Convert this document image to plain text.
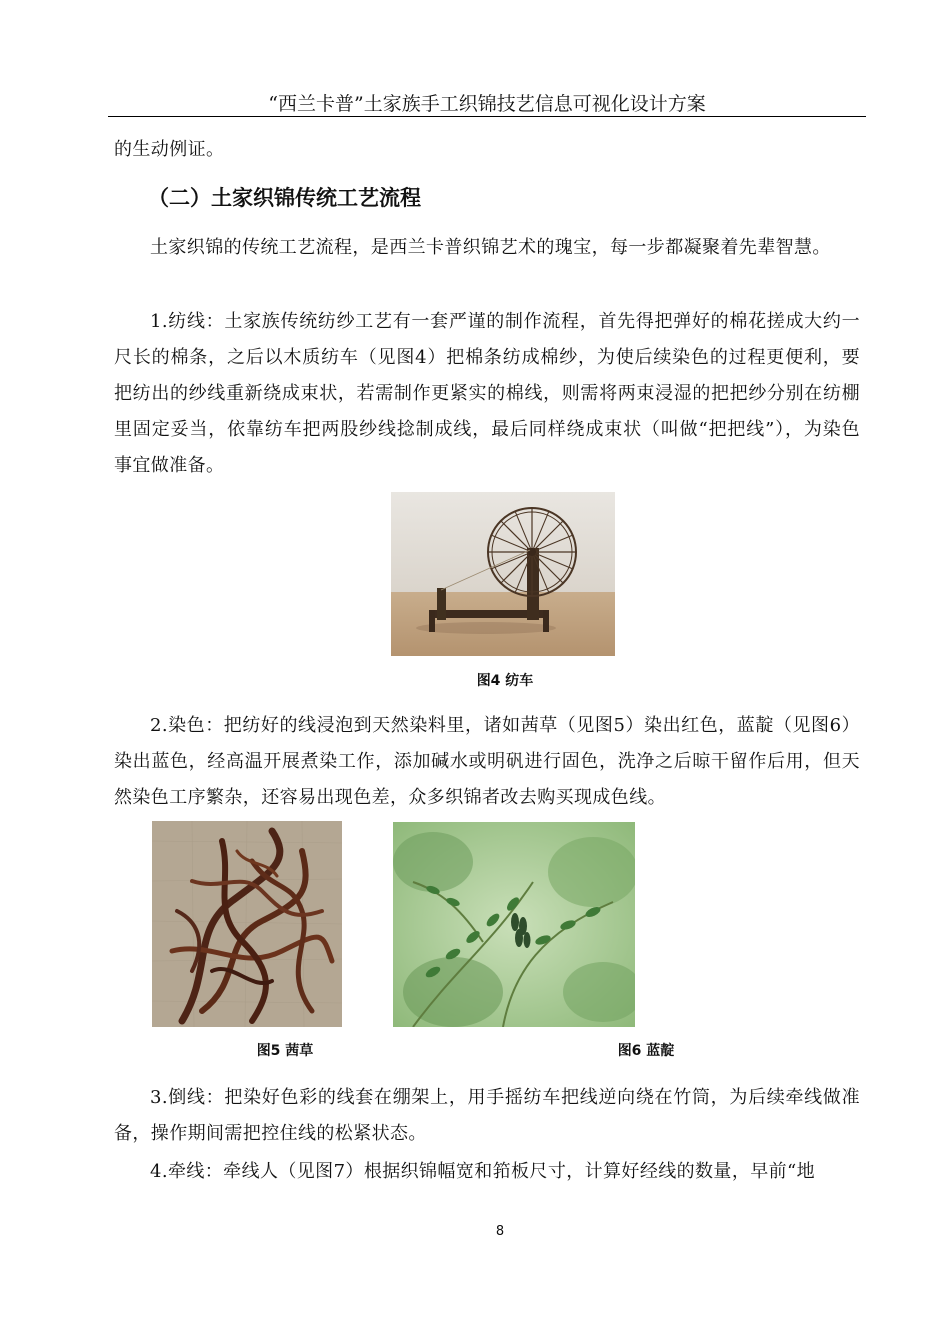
“西兰卡普”土家族手工织锦技艺信息可视化设计方案
的生动例证。
（二）土家织锦传统工艺流程
土家织锦的传统工艺流程，是西兰卡普织锦艺术的瑰宝，每一步都凝聚着先辈智慧。
1.纺线：土家族传统纺纱工艺有一套严谨的制作流程，首先得把弹好的棉花搓成大约一尺长的棉条，之后以木质纺车（见图4）把棉条纺成棉纱，为使后续染色的过程更便利，要把纺出的纱线重新绕成束状，若需制作更紧实的棉线，则需将两束浸湿的把把纱分别在纺棚里固定妥当，依靠纺车把两股纱线捻制成线，最后同样绕成束状（叫做“把把线”），为染色事宜做准备。
图4 纺车
2.染色：把纺好的线浸泡到天然染料里，诸如茜草（见图5）染出红色，蓝靛（见图6）染出蓝色，经高温开展煮染工作，添加碱水或明矾进行固色，洗净之后晾干留作后用，但天然染色工序繁杂，还容易出现色差，众多织锦者改去购买现成色线。
图5 茜草	图6 蓝靛
3.倒线：把染好色彩的线套在绷架上，用手摇纺车把线逆向绕在竹筒，为后续牵线做准备，操作期间需把控住线的松紧状态。
4.牵线：牵线人（见图7）根据织锦幅宽和筘板尺寸，计算好经线的数量，早前“地
8
